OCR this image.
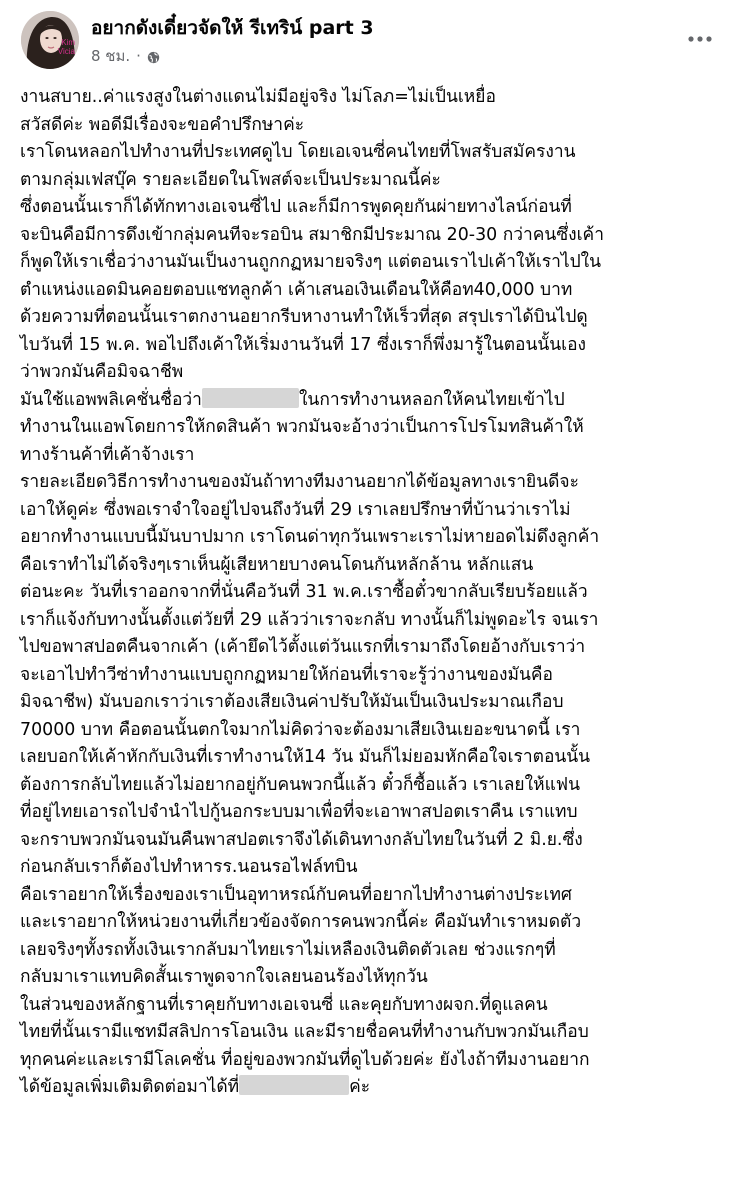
Kim
Vicia
อยากดังเดี๋ยวจัดให้ รีเทริน์ part 3
8 ชม. ·
งานสบาย..ค่าแรงสูงในต่างแดนไม่มีอยู่จริง ไม่โลภ=ไม่เป็นเหยื่อ
สวัสดีค่ะ พอดีมีเรื่องจะขอคำปรึกษาค่ะ
เราโดนหลอกไปทำงานที่ประเทศดูไบ โดยเอเจนซี่คนไทยที่โพสรับสมัครงาน
ตามกลุ่มเฟสบุ๊ค รายละเอียดในโพสต์จะเป็นประมาณนี้ค่ะ
ซึ่งตอนนั้นเราก็ได้ทักทางเอเจนซี่ไป และก็มีการพูดคุยกันผ่ายทางไลน์ก่อนที่
จะบินคือมีการดึงเข้ากลุ่มคนทีจะรอบิน สมาชิกมีประมาณ 20-30 กว่าคนซึ่งเค้า
ก็พูดให้เราเชื่อว่างานมันเป็นงานถูกกฏหมายจริงๆ แต่ตอนเราไปเค้าให้เราไปใน
ตำแหน่งแอดมินคอยตอบแชทลูกค้า เค้าเสนอเงินเดือนให้คือท40,000 บาท
ด้วยความที่ตอนนั้นเราตกงานอยากรีบหางานทำให้เร็วที่สุด สรุปเราได้บินไปดู
ไบวันที่ 15 พ.ค. พอไปถึงเค้าให้เริ่มงานวันที่ 17 ซึ่งเราก็พึ่งมารู้ในตอนนั้นเอง
ว่าพวกมันคือมิจฉาชีพ
มันใช้แอพพลิเคชั่นชื่อว่า	ในการทำงานหลอกให้คนไทยเข้าไป
ทำงานในแอพโดยการให้กดสินค้า พวกมันจะอ้างว่าเป็นการโปรโมทสินค้าให้
ทางร้านค้าที่เค้าจ้างเรา
รายละเอียดวิธีการทำงานของมันถ้าทางทีมงานอยากได้ข้อมูลทางเรายินดีจะ
เอาให้ดูค่ะ ซึ่งพอเราจำใจอยู่ไปจนถึงวันที่ 29 เราเลยปรึกษาที่บ้านว่าเราไม่
อยากทำงานแบบนี้มันบาปมาก เราโดนด่าทุกวันเพราะเราไม่หายอดไม่ดึงลูกค้า
คือเราทำไม่ได้จริงๆเราเห็นผู้เสียหายบางคนโดนกันหลักล้าน หลักแสน
ต่อนะคะ วันที่เราออกจากที่นั่นคือวันที่ 31 พ.ค.เราซื้อตั๋วขากลับเรียบร้อยแล้ว
เราก็แจ้งกับทางนั้นตั้งแต่วัยที่ 29 แล้วว่าเราจะกลับ ทางนั้นก็ไม่พูดอะไร จนเรา
ไปขอพาสปอตคืนจากเค้า (เค้ายึดไว้ตั้งแต่วันแรกที่เรามาถึงโดยอ้างกับเราว่า
จะเอาไปทำวีซ่าทำงานแบบถูกกฏหมายให้ก่อนที่เราจะรู้ว่างานของมันคือ
มิจฉาชีพ) มันบอกเราว่าเราต้องเสียเงินค่าปรับให้มันเป็นเงินประมาณเกือบ
70000 บาท คือตอนนั้นตกใจมากไม่คิดว่าจะต้องมาเสียเงินเยอะขนาดนี้ เรา
เลยบอกให้เค้าหักกับเงินที่เราทำงานให้14 วัน มันก็ไม่ยอมหักคือใจเราตอนนั้น
ต้องการกลับไทยแล้วไม่อยากอยู่กับคนพวกนี้แล้ว ตั๋วก็ซื้อแล้ว เราเลยให้แฟน
ที่อยู่ไทยเอารถไปจำนำไปกู้นอกระบบมาเพื่อที่จะเอาพาสปอตเราคืน เราแทบ
จะกราบพวกมันจนมันคืนพาสปอตเราจึงได้เดินทางกลับไทยในวันที่ 2 มิ.ย.ซึ่ง
ก่อนกลับเราก็ต้องไปทำหารร.นอนรอไฟล์ทบิน
คือเราอยากให้เรื่องของเราเป็นอุทาหรณ์กับคนที่อยากไปทำงานต่างประเทศ
และเราอยากให้หน่วยงานที่เกี่ยวข้องจัดการคนพวกนี้ค่ะ คือมันทำเราหมดตัว
เลยจริงๆทั้งรถทั้งเงินเรากลับมาไทยเราไม่เหลืองเงินติดตัวเลย ช่วงแรกๆที่
กลับมาเราแทบคิดสั้นเราพูดจากใจเลยนอนร้องไห้ทุกวัน
ในส่วนของหลักฐานที่เราคุยกับทางเอเจนซี่ และคุยกับทางผจก.ที่ดูแลคน
ไทยที่นั้นเรามีแชทมีสลิปการโอนเงิน และมีรายชื่อคนที่ทำงานกับพวกมันเกือบ
ทุกคนค่ะและเรามีโลเคชั่น ที่อยู่ของพวกมันที่ดูไบด้วยค่ะ ยังไงถ้าทีมงานอยาก
ได้ข้อมูลเพิ่มเติมติดต่อมาได้ที่	ค่ะ
